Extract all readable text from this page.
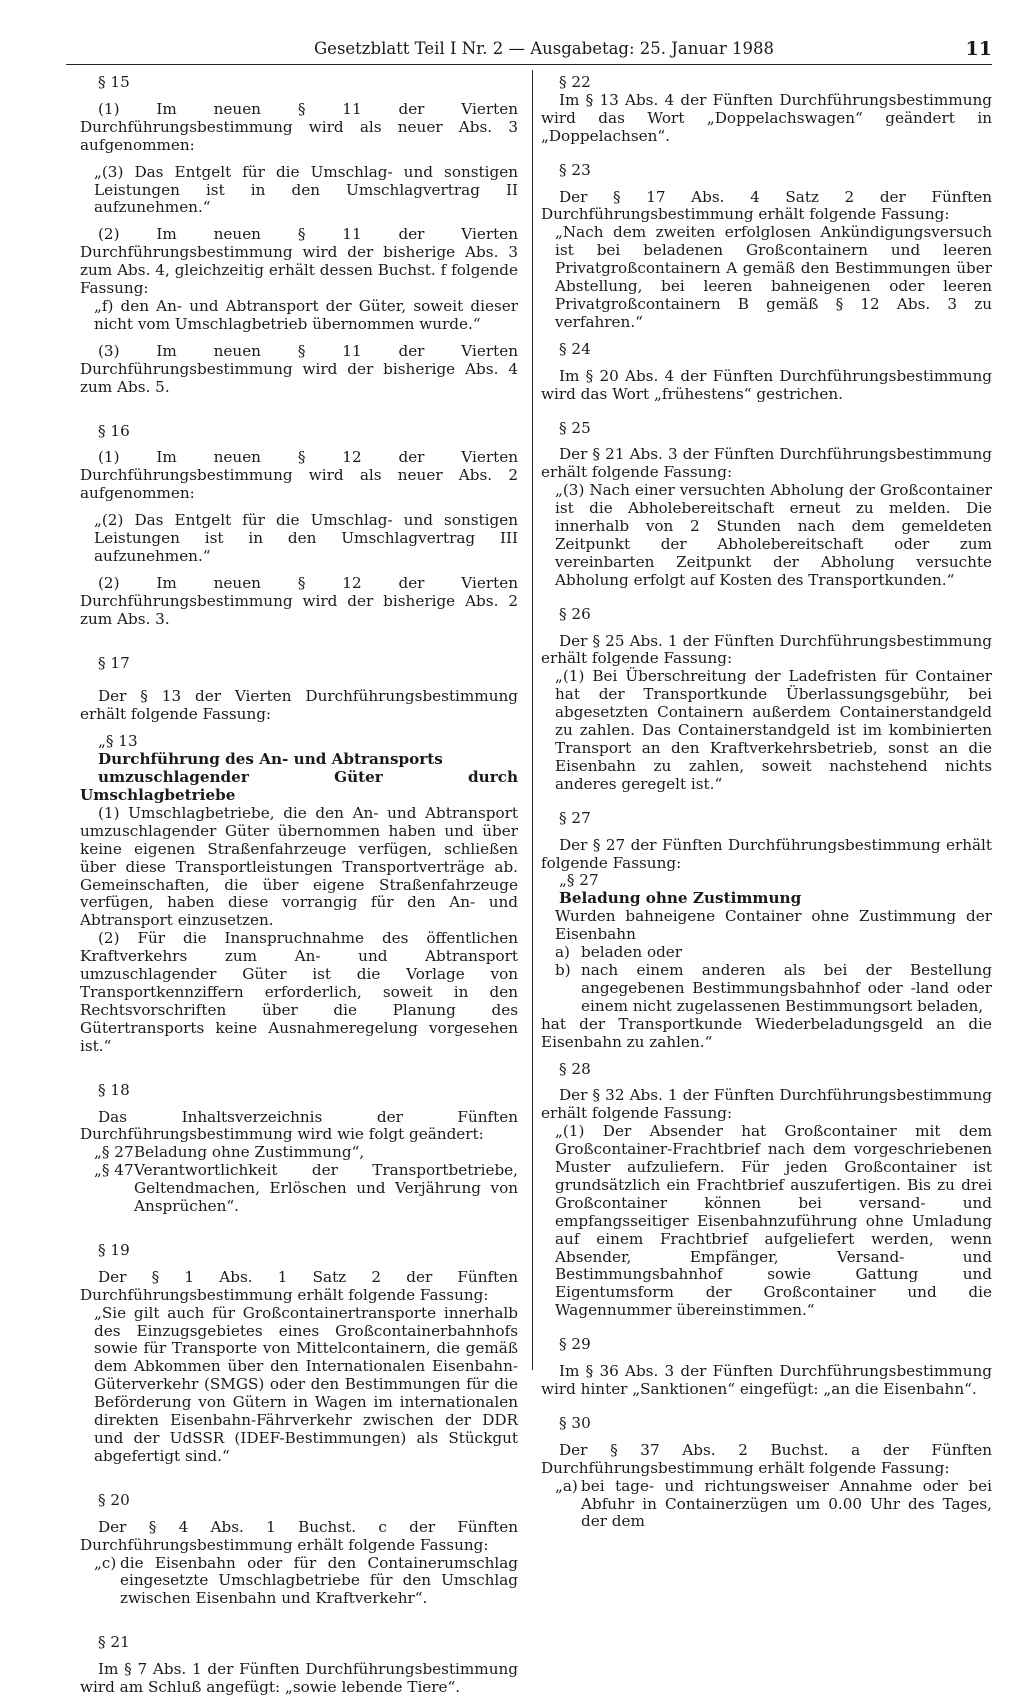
Gesetzblatt Teil I Nr. 2 — Ausgabetag: 25. Januar 1988	11

§ 15

(1) Im neuen § 11 der Vierten Durchführungsbestimmung wird als neuer Abs. 3 aufgenommen:

„(3) Das Entgelt für die Umschlag- und sonstigen Leistungen ist in den Umschlagvertrag II aufzunehmen.“

(2) Im neuen § 11 der Vierten Durchführungsbestimmung wird der bisherige Abs. 3 zum Abs. 4, gleichzeitig erhält dessen Buchst. f folgende Fassung:

„f) den An- und Abtransport der Güter, soweit dieser nicht vom Umschlagbetrieb übernommen wurde.“

(3) Im neuen § 11 der Vierten Durchführungsbestimmung wird der bisherige Abs. 4 zum Abs. 5.

§ 16

(1) Im neuen § 12 der Vierten Durchführungsbestimmung wird als neuer Abs. 2 aufgenommen:

„(2) Das Entgelt für die Umschlag- und sonstigen Leistungen ist in den Umschlagvertrag III aufzunehmen.“

(2) Im neuen § 12 der Vierten Durchführungsbestimmung wird der bisherige Abs. 2 zum Abs. 3.

§ 17

Der § 13 der Vierten Durchführungsbestimmung erhält folgende Fassung:

„§ 13

Durchführung des An- und Abtransports

umzuschlagender Güter durch Umschlagbetriebe

(1) Umschlagbetriebe, die den An- und Abtransport umzuschlagender Güter übernommen haben und über keine eigenen Straßenfahrzeuge verfügen, schließen über diese Transportleistungen Transportverträge ab. Gemeinschaften, die über eigene Straßenfahrzeuge verfügen, haben diese vorrangig für den An- und Abtransport einzusetzen.

(2) Für die Inanspruchnahme des öffentlichen Kraftverkehrs zum An- und Abtransport umzuschlagender Güter ist die Vorlage von Transportkennziffern erforderlich, soweit in den Rechtsvorschriften über die Planung des Gütertransports keine Ausnahmeregelung vorgesehen ist.“

§ 18

Das Inhaltsverzeichnis der Fünften Durchführungsbestimmung wird wie folgt geändert:

„§ 27 Beladung ohne Zustimmung“,
„§ 47 Verantwortlichkeit der Transportbetriebe, Geltendmachen, Erlöschen und Verjährung von Ansprüchen“.

§ 19

Der § 1 Abs. 1 Satz 2 der Fünften Durchführungsbestimmung erhält folgende Fassung:

„Sie gilt auch für Großcontainertransporte innerhalb des Einzugsgebietes eines Großcontainerbahnhofs sowie für Transporte von Mittelcontainern, die gemäß dem Abkommen über den Internationalen Eisenbahn-Güterverkehr (SMGS) oder den Bestimmungen für die Beförderung von Gütern in Wagen im internationalen direkten Eisenbahn-Fährverkehr zwischen der DDR und der UdSSR (IDEF-Bestimmungen) als Stückgut abgefertigt sind.“

§ 20

Der § 4 Abs. 1 Buchst. c der Fünften Durchführungsbestimmung erhält folgende Fassung:

„c) die Eisenbahn oder für den Containerumschlag eingesetzte Umschlagbetriebe für den Umschlag zwischen Eisenbahn und Kraftverkehr“.

§ 21

Im § 7 Abs. 1 der Fünften Durchführungsbestimmung wird am Schluß angefügt: „sowie lebende Tiere“.

§ 22

Im § 13 Abs. 4 der Fünften Durchführungsbestimmung wird das Wort „Doppelachswagen“ geändert in „Doppelachsen“.

§ 23

Der § 17 Abs. 4 Satz 2 der Fünften Durchführungsbestimmung erhält folgende Fassung:

„Nach dem zweiten erfolglosen Ankündigungsversuch ist bei beladenen Großcontainern und leeren Privatgroßcontainern A gemäß den Bestimmungen über Abstellung, bei leeren bahneigenen oder leeren Privatgroßcontainern B gemäß § 12 Abs. 3 zu verfahren.“

§ 24

Im § 20 Abs. 4 der Fünften Durchführungsbestimmung wird das Wort „frühestens“ gestrichen.

§ 25

Der § 21 Abs. 3 der Fünften Durchführungsbestimmung erhält folgende Fassung:

„(3) Nach einer versuchten Abholung der Großcontainer ist die Abholebereitschaft erneut zu melden. Die innerhalb von 2 Stunden nach dem gemeldeten Zeitpunkt der Abholebereitschaft oder zum vereinbarten Zeitpunkt der Abholung versuchte Abholung erfolgt auf Kosten des Transportkunden.“

§ 26

Der § 25 Abs. 1 der Fünften Durchführungsbestimmung erhält folgende Fassung:

„(1) Bei Überschreitung der Ladefristen für Container hat der Transportkunde Überlassungsgebühr, bei abgesetzten Containern außerdem Containerstandgeld zu zahlen. Das Containerstandgeld ist im kombinierten Transport an den Kraftverkehrsbetrieb, sonst an die Eisenbahn zu zahlen, soweit nachstehend nichts anderes geregelt ist.“

§ 27

Der § 27 der Fünften Durchführungsbestimmung erhält folgende Fassung:

„§ 27

Beladung ohne Zustimmung

Wurden bahneigene Container ohne Zustimmung der Eisenbahn

a) beladen oder
b) nach einem anderen als bei der Bestellung angegebenen Bestimmungsbahnhof oder -land oder einem nicht zugelassenen Bestimmungsort beladen,

hat der Transportkunde Wiederbeladungsgeld an die Eisenbahn zu zahlen.“

§ 28

Der § 32 Abs. 1 der Fünften Durchführungsbestimmung erhält folgende Fassung:

„(1) Der Absender hat Großcontainer mit dem Großcontainer-Frachtbrief nach dem vorgeschriebenen Muster aufzuliefern. Für jeden Großcontainer ist grundsätzlich ein Frachtbrief auszufertigen. Bis zu drei Großcontainer können bei versand- und empfangsseitiger Eisenbahnzuführung ohne Umladung auf einem Frachtbrief aufgeliefert werden, wenn Absender, Empfänger, Versand- und Bestimmungsbahnhof sowie Gattung und Eigentumsform der Großcontainer und die Wagennummer übereinstimmen.“

§ 29

Im § 36 Abs. 3 der Fünften Durchführungsbestimmung wird hinter „Sanktionen“ eingefügt: „an die Eisenbahn“.

§ 30

Der § 37 Abs. 2 Buchst. a der Fünften Durchführungsbestimmung erhält folgende Fassung:

„a) bei tage- und richtungsweiser Annahme oder bei Abfuhr in Containerzügen um 0.00 Uhr des Tages, der dem
